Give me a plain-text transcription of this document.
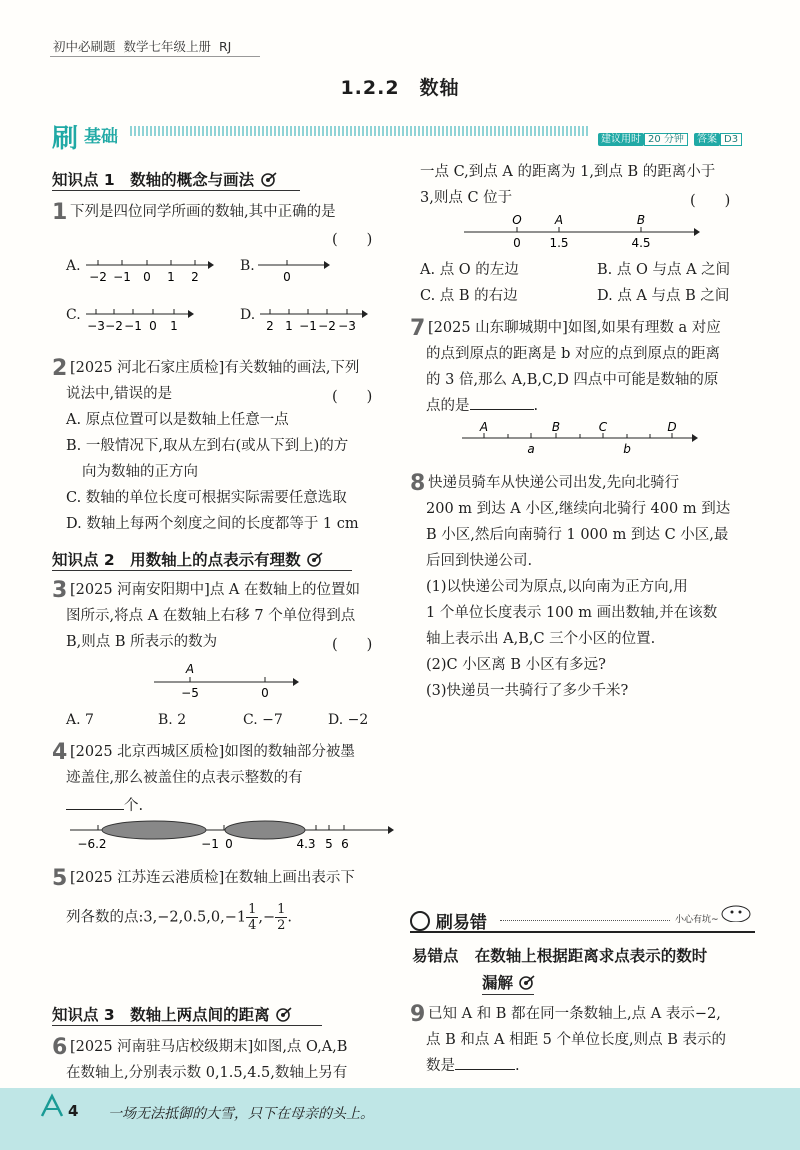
初中必刷题 数学七年级上册 RJ
1.2.2　数轴
刷 基础	建议用时 20 分钟	答案 D3
知识点 1　数轴的概念与画法
1 下列是四位同学所画的数轴,其中正确的是
(　　)
A.
−2 −1 0 1 2
B.
0
C.
−3 −2 −1 0 1
D.
2 1 −1 −2 −3
2 [2025 河北石家庄质检]有关数轴的画法,下列
说法中,错误的是	(　　)
A. 原点位置可以是数轴上任意一点
B. 一般情况下,取从左到右(或从下到上)的方
向为数轴的正方向
C. 数轴的单位长度可根据实际需要任意选取
D. 数轴上每两个刻度之间的长度都等于 1 cm
知识点 2　用数轴上的点表示有理数
3 [2025 河南安阳期中]点 A 在数轴上的位置如
图所示,将点 A 在数轴上右移 7 个单位得到点
B,则点 B 所表示的数为	(　　)
A
−5	0
A. 7	B. 2	C. −7	D. −2
4 [2025 北京西城区质检]如图的数轴部分被墨
迹盖住,那么被盖住的点表示整数的有
个.
−6.2	−1 0	4.3 5 6
5 [2025 江苏连云港质检]在数轴上画出表示下
列各数的点:3,−2,0.5,0,−1 $\frac{1}{4}$ ,− $\frac{1}{2}$ .
知识点 3　数轴上两点间的距离
6 [2025 河南驻马店校级期末]如图,点 O,A,B
在数轴上,分别表示数 0,1.5,4.5,数轴上另有
一点 C,到点 A 的距离为 1,到点 B 的距离小于
3,则点 C 位于	(　　)
O	A	B
0 1.5	4.5
A. 点 O 的左边	B. 点 O 与点 A 之间
C. 点 B 的右边	D. 点 A 与点 B 之间
7 [2025 山东聊城期中]如图,如果有理数 a 对应
的点到原点的距离是 b 对应的点到原点的距离
的 3 倍,那么 A,B,C,D 四点中可能是数轴的原
点的是	.
A	B	C	D
a	b
8 快递员骑车从快递公司出发,先向北骑行
200 m 到达 A 小区,继续向北骑行 400 m 到达
B 小区,然后向南骑行 1 000 m 到达 C 小区,最
后回到快递公司.
(1)以快递公司为原点,以向南为正方向,用
1 个单位长度表示 100 m 画出数轴,并在该数
轴上表示出 A,B,C 三个小区的位置.
(2)C 小区离 B 小区有多远?
(3)快递员一共骑行了多少千米?
刷易错	小心有坑~
易错点 在数轴上根据距离求点表示的数时
漏解
9 已知 A 和 B 都在同一条数轴上,点 A 表示−2,
点 B 和点 A 相距 5 个单位长度,则点 B 表示的
数是	.
4 一场无法抵御的大雪，只下在母亲的头上。
